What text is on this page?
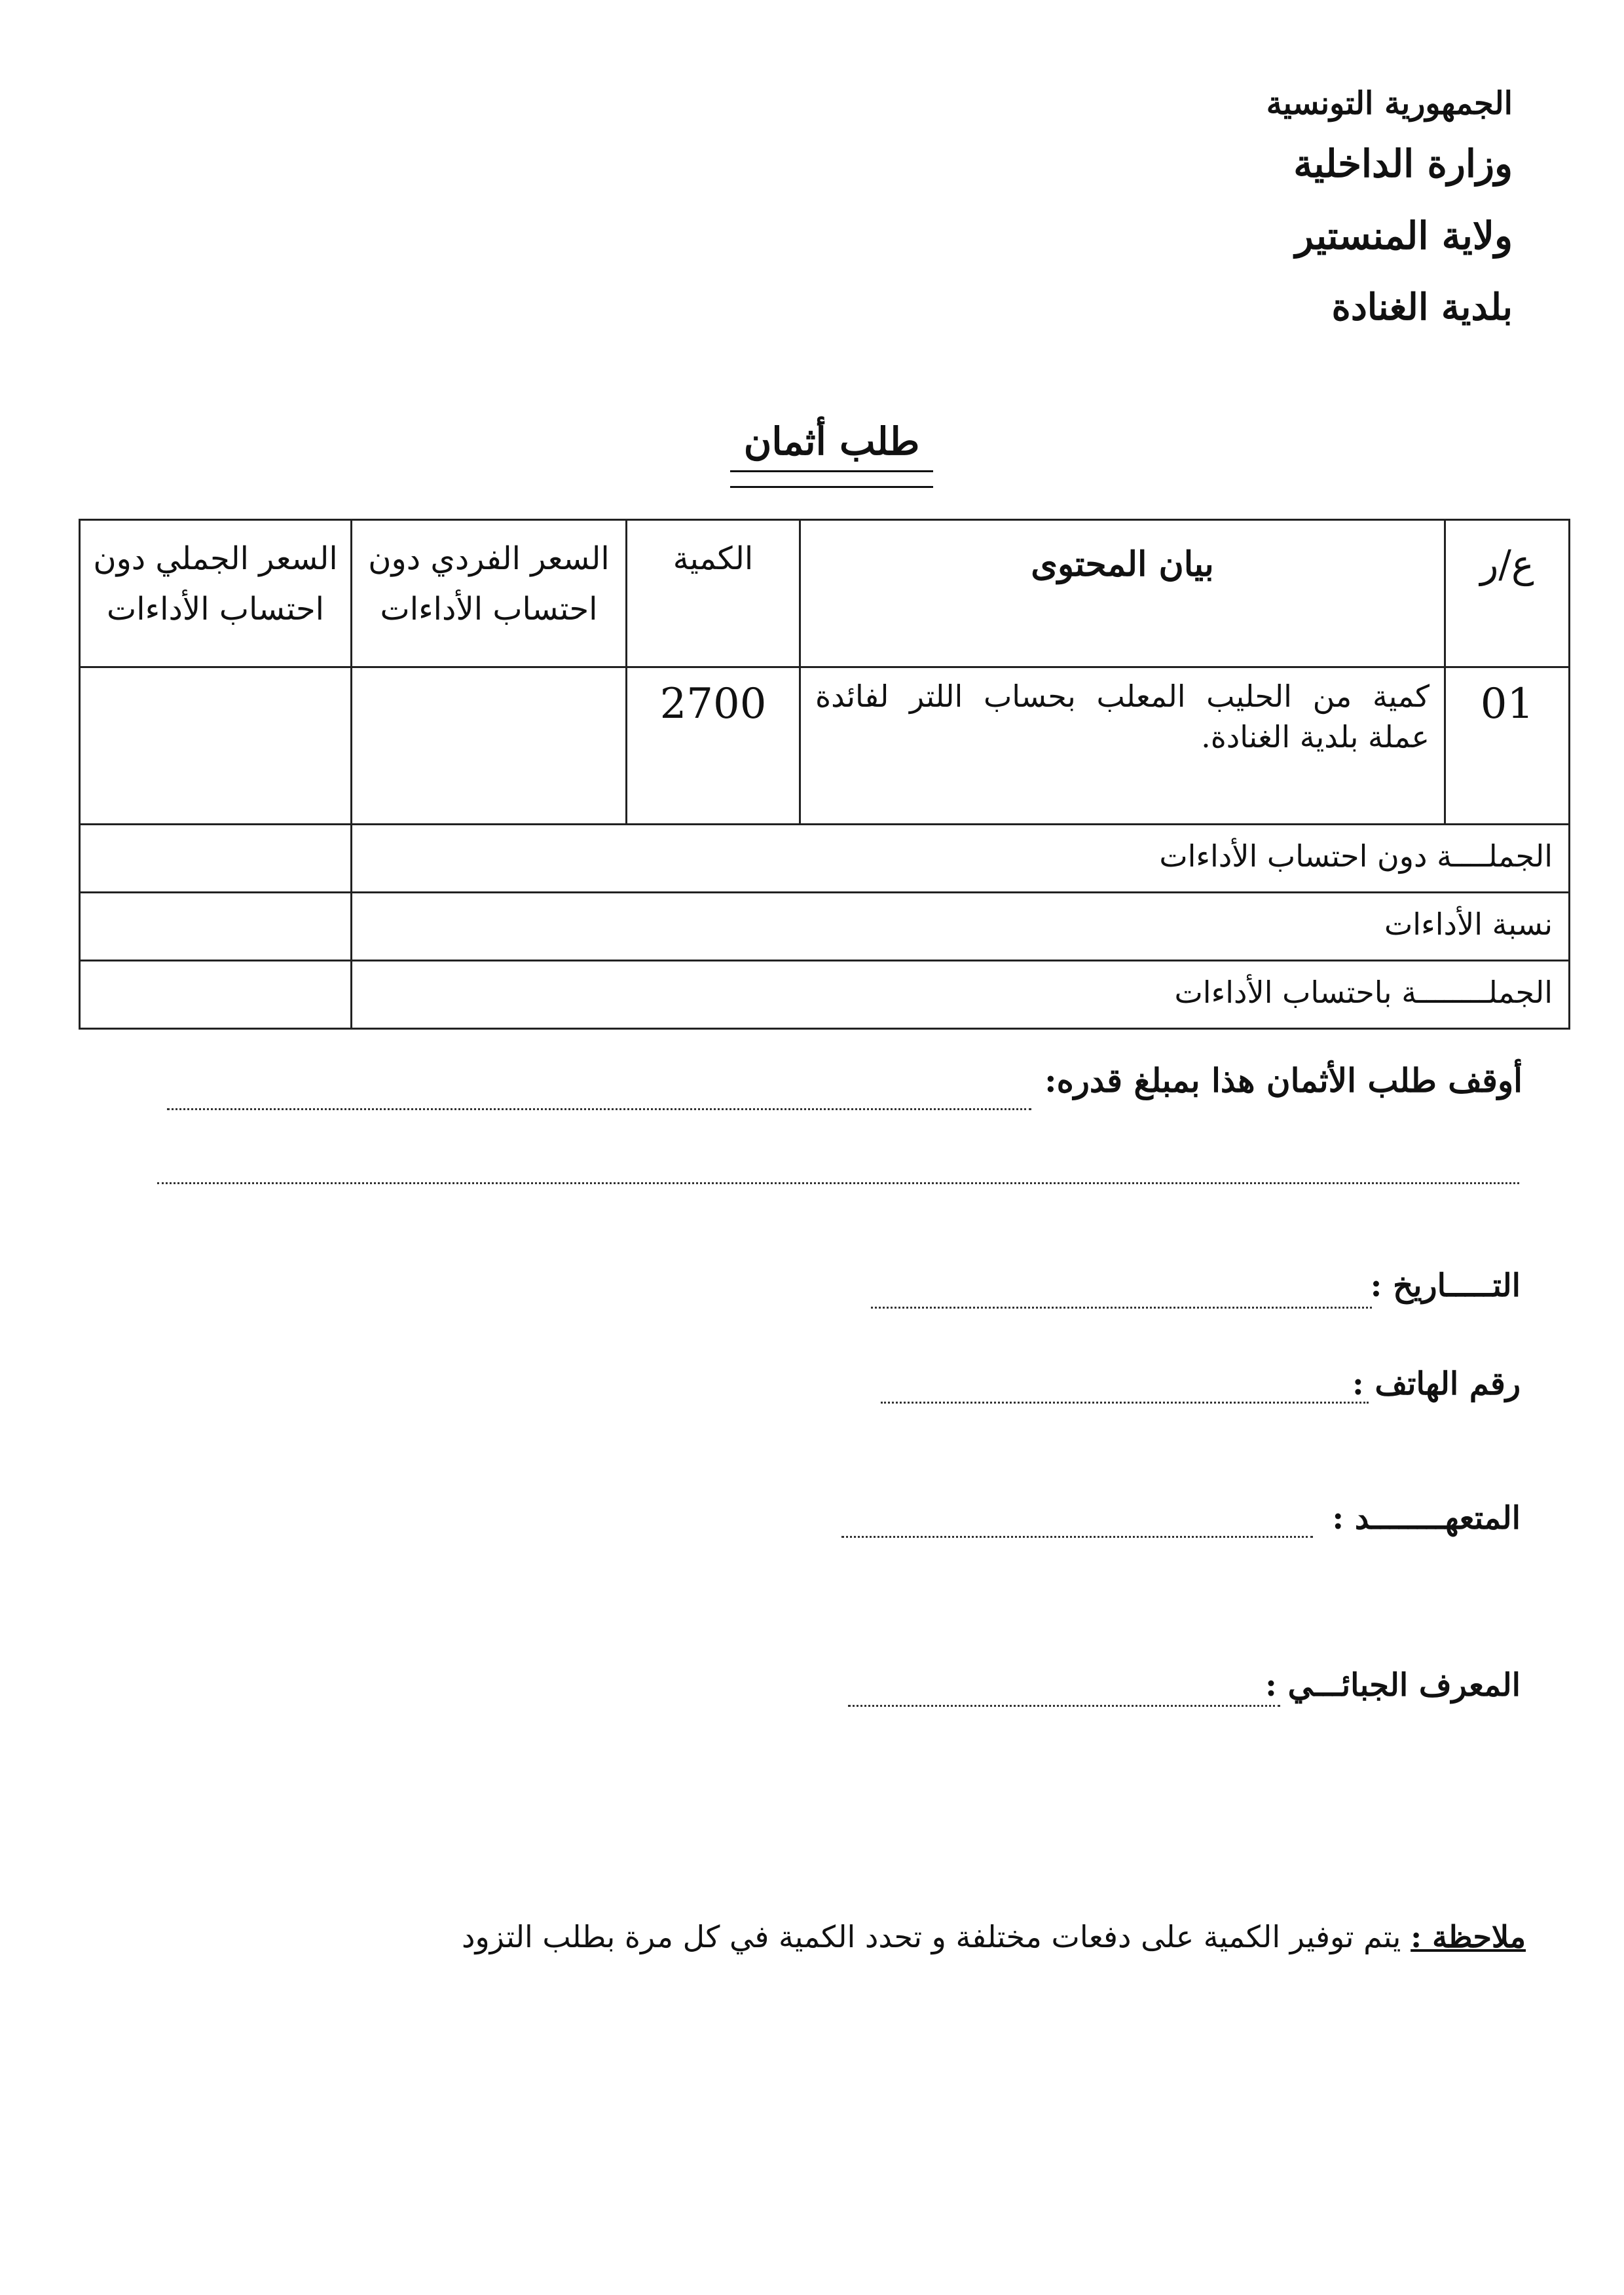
الجمهورية التونسية
وزارة الداخلية
ولاية المنستير
بلدية الغنادة
طلب أثمان
ع/ر	بيان المحتوى	الكمية	السعر الفردي دون احتساب الأداءات	السعر الجملي دون احتساب الأداءات

01	كمية من الحليب المعلب بحساب اللتر لفائدة عملة بلدية الغنادة.	2700		

الجملــــة دون احتساب الأداءات				

نسبة الأداءات				

الجملــــــــة باحتساب الأداءات				

أوقف طلب الأثمان هذا بمبلغ قدره:
التـــــاريخ :
رقم الهاتف :
المتعهــــــــد :
المعرف الجبائـــي :
ملاحظة : يتم توفير الكمية على دفعات مختلفة و تحدد الكمية في كل مرة بطلب التزود
